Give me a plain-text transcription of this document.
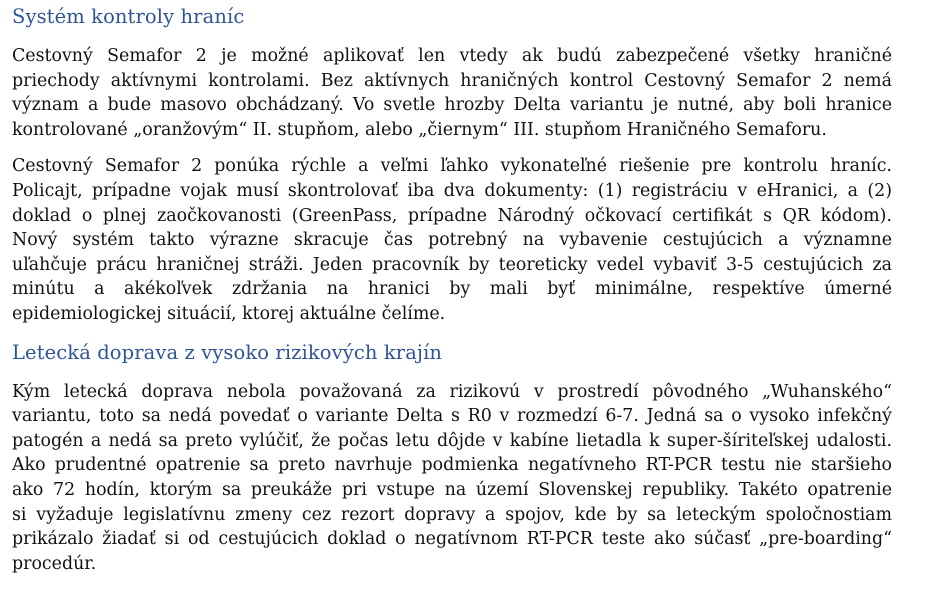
Systém kontroly hraníc

Cestovný Semafor 2 je možné aplikovať len vtedy ak budú zabezpečené všetky hraničné
priechody aktívnymi kontrolami. Bez aktívnych hraničných kontrol Cestovný Semafor 2 nemá
význam a bude masovo obchádzaný. Vo svetle hrozby Delta variantu je nutné, aby boli hranice
kontrolované „oranžovým“ II. stupňom, alebo „čiernym“ III. stupňom Hraničného Semaforu.

Cestovný Semafor 2 ponúka rýchle a veľmi ľahko vykonateľné riešenie pre kontrolu hraníc.
Policajt, prípadne vojak musí skontrolovať iba dva dokumenty: (1) registráciu v eHranici, a (2)
doklad o plnej zaočkovanosti (GreenPass, prípadne Národný očkovací certifikát s QR kódom).
Nový systém takto výrazne skracuje čas potrebný na vybavenie cestujúcich a významne
uľahčuje prácu hraničnej stráži. Jeden pracovník by teoreticky vedel vybaviť 3-5 cestujúcich za
minútu a akékoľvek zdržania na hranici by mali byť minimálne, respektíve úmerné
epidemiologickej situácií, ktorej aktuálne čelíme.

Letecká doprava z vysoko rizikových krajín

Kým letecká doprava nebola považovaná za rizikovú v prostredí pôvodného „Wuhanského“
variantu, toto sa nedá povedať o variante Delta s R0 v rozmedzí 6-7. Jedná sa o vysoko infekčný
patogén a nedá sa preto vylúčiť, že počas letu dôjde v kabíne lietadla k super-šíriteľskej udalosti.
Ako prudentné opatrenie sa preto navrhuje podmienka negatívneho RT-PCR testu nie staršieho
ako 72 hodín, ktorým sa preukáže pri vstupe na území Slovenskej republiky. Takéto opatrenie
si vyžaduje legislatívnu zmeny cez rezort dopravy a spojov, kde by sa leteckým spoločnostiam
prikázalo žiadať si od cestujúcich doklad o negatívnom RT-PCR teste ako súčasť „pre-boarding“
procedúr.
